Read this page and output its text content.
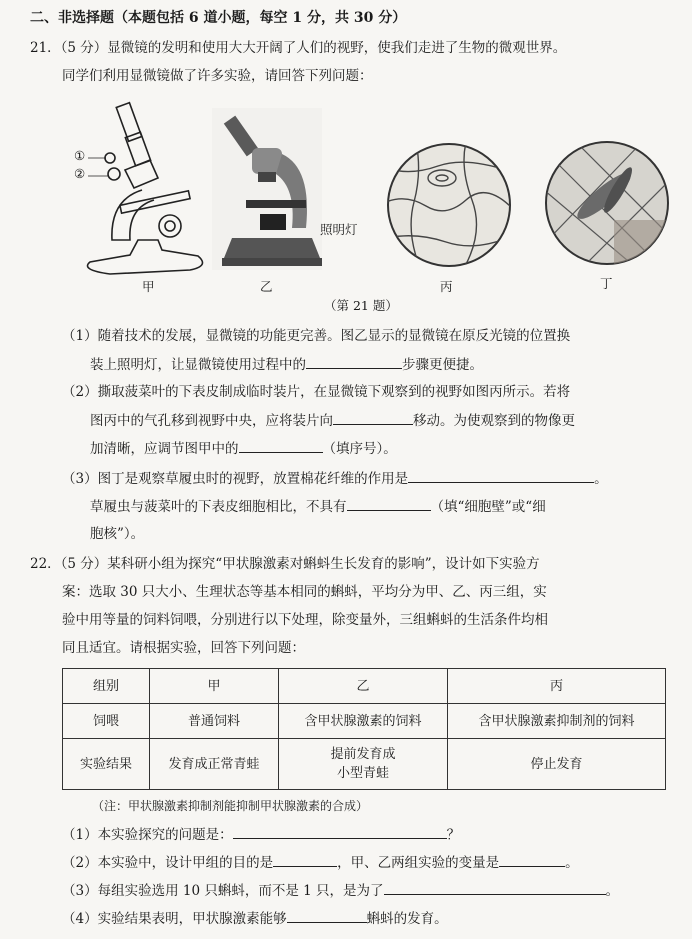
二、非选择题（本题包括 6 道小题，每空 1 分，共 30 分）
21．（5 分）显微镜的发明和使用大大开阔了人们的视野，使我们走进了生物的微观世界。
同学们利用显微镜做了许多实验，请回答下列问题：
①
②
照明灯
甲	乙	丙	丁
（第 21 题）
（1）随着技术的发展，显微镜的功能更完善。图乙显示的显微镜在原反光镜的位置换
装上照明灯，让显微镜使用过程中的	步骤更便捷。
（2）撕取菠菜叶的下表皮制成临时装片，在显微镜下观察到的视野如图丙所示。若将
图丙中的气孔移到视野中央，应将装片向	移动。为使观察到的物像更
加清晰，应调节图甲中的	（填序号）。
（3）图丁是观察草履虫时的视野，放置棉花纤维的作用是	。
草履虫与菠菜叶的下表皮细胞相比，不具有	（填“细胞壁”或“细
胞核”）。
22．（5 分）某科研小组为探究“甲状腺激素对蝌蚪生长发育的影响”，设计如下实验方
案：选取 30 只大小、生理状态等基本相同的蝌蚪，平均分为甲、乙、丙三组，实
验中用等量的饲料饲喂，分别进行以下处理，除变量外，三组蝌蚪的生活条件均相
同且适宜。请根据实验，回答下列问题：
组别	甲	乙	丙
饲喂	普通饲料	含甲状腺激素的饲料	含甲状腺激素抑制剂的饲料
实验结果	发育成正常青蛙	提前发育成
小型青蛙	停止发育
（注：甲状腺激素抑制剂能抑制甲状腺激素的合成）
（1）本实验探究的问题是：	？
（2）本实验中，设计甲组的目的是	，甲、乙两组实验的变量是	。
（3）每组实验选用 10 只蝌蚪，而不是 1 只，是为了	。
（4）实验结果表明，甲状腺激素能够	蝌蚪的发育。
